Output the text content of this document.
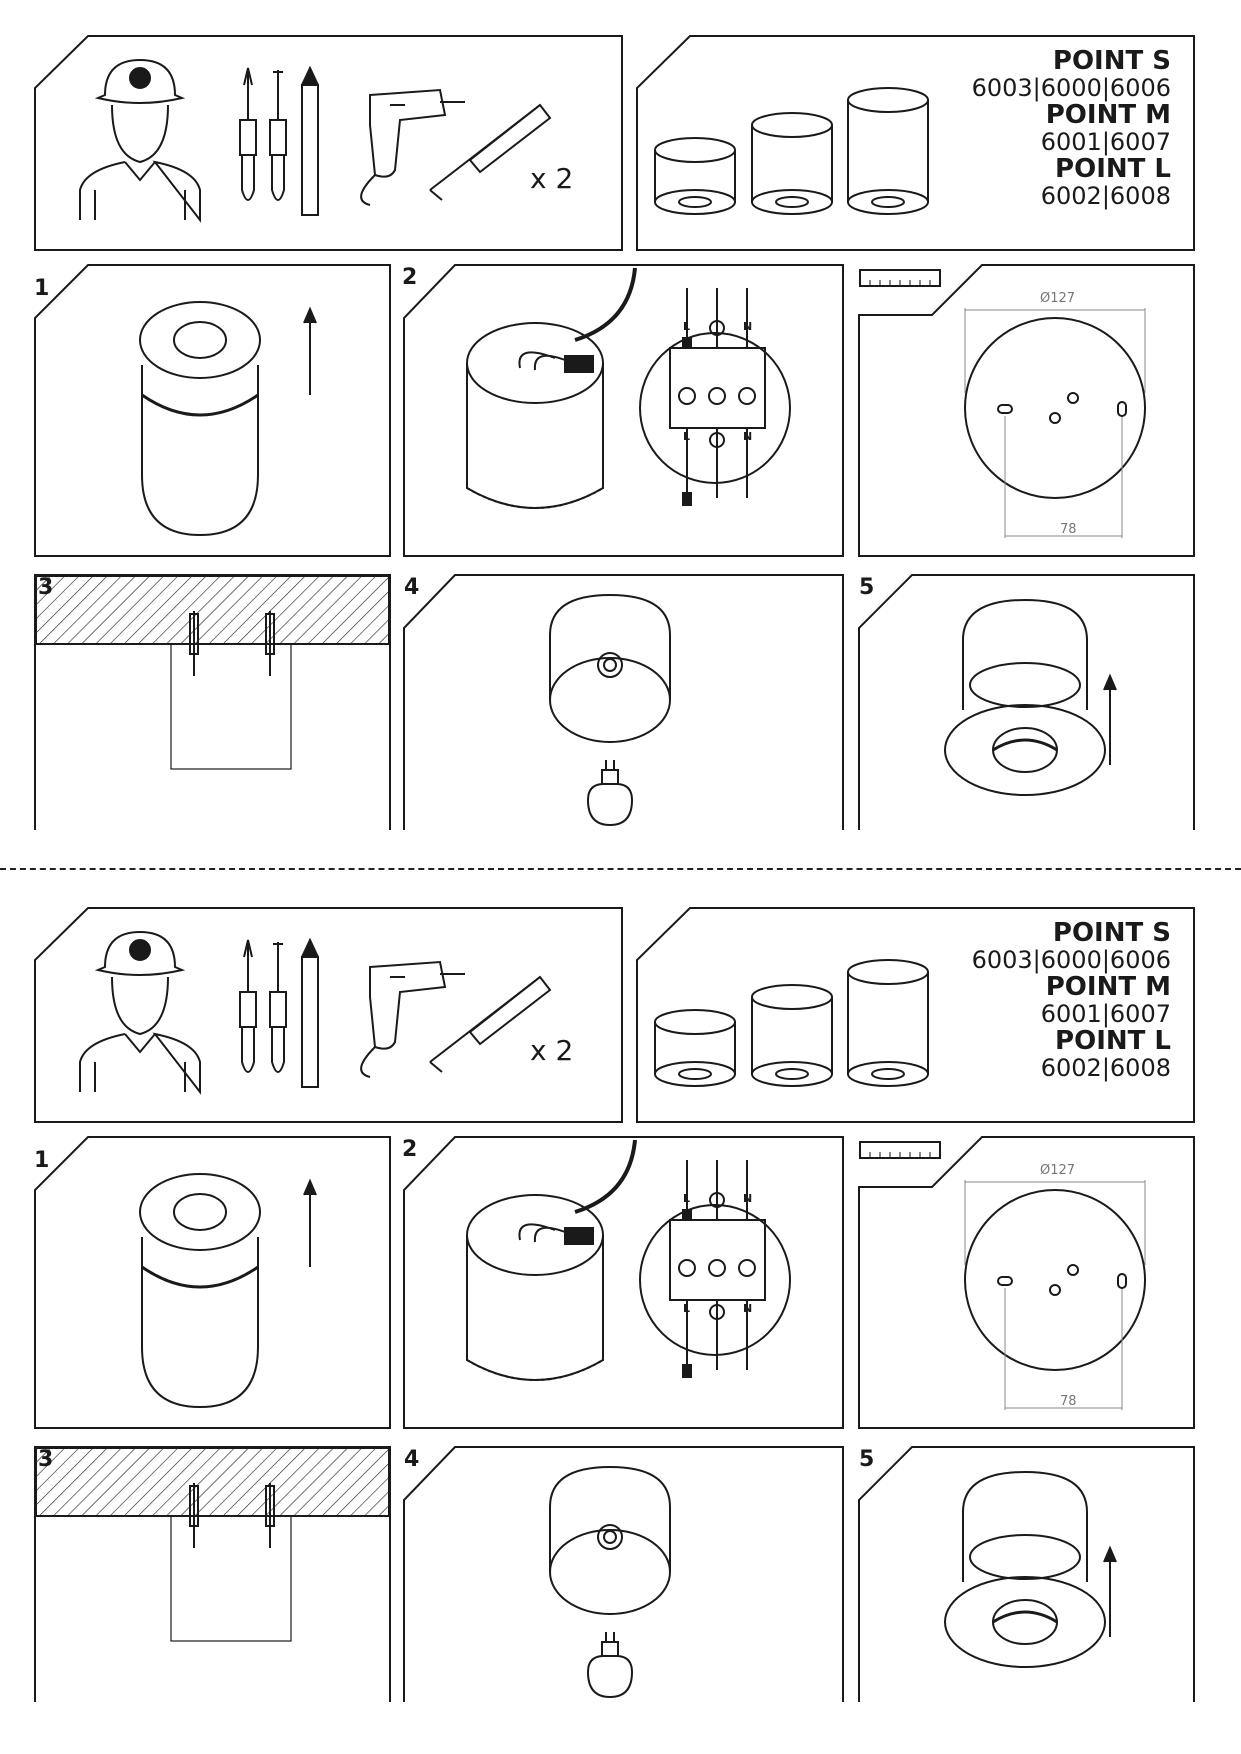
x 2
POINT S
6003|6000|6006
POINT M
6001|6007
POINT L
6002|6008
1	2
4	5
L	N
L	N
Ø127
78
x 2
POINT S
6003|6000|6006
POINT M
6001|6007
POINT L
6002|6008
1	2
4	5
L	N
L	N
Ø127
78
